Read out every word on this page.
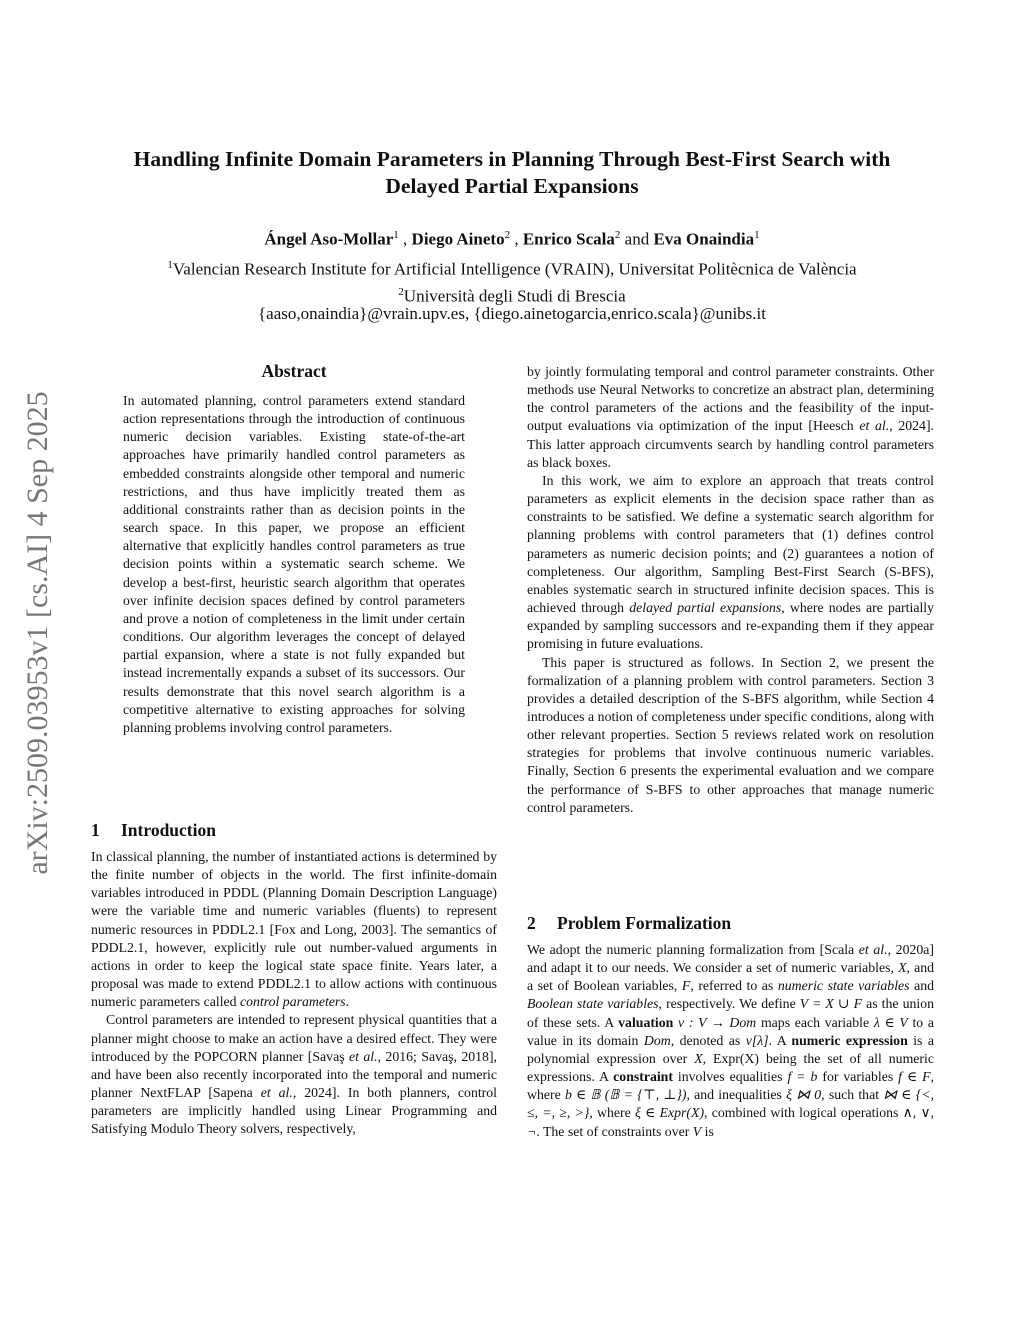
Handling Infinite Domain Parameters in Planning Through Best-First Search with
Delayed Partial Expansions
Ángel Aso-Mollar$^1$ , Diego Aineto$^2$ , Enrico Scala$^2$ and Eva Onaindia$^1$
$^1$Valencian Research Institute for Artificial Intelligence (VRAIN), Universitat Politècnica de València
$^2$Università degli Studi di Brescia
{aaso,onaindia}@vrain.upv.es, {diego.ainetogarcia,enrico.scala}@unibs.it
arXiv:2509.03953v1 [cs.AI] 4 Sep 2025
Abstract
In automated planning, control parameters extend standard action representations through the introduction of continuous numeric decision variables. Existing state-of-the-art approaches have primarily handled control parameters as embedded constraints alongside other temporal and numeric restrictions, and thus have implicitly treated them as additional constraints rather than as decision points in the search space. In this paper, we propose an efficient alternative that explicitly handles control parameters as true decision points within a systematic search scheme. We develop a best-first, heuristic search algorithm that operates over infinite decision spaces defined by control parameters and prove a notion of completeness in the limit under certain conditions. Our algorithm leverages the concept of delayed partial expansion, where a state is not fully expanded but instead incrementally expands a subset of its successors. Our results demonstrate that this novel search algorithm is a competitive alternative to existing approaches for solving planning problems involving control parameters.
1 Introduction

In classical planning, the number of instantiated actions is determined by the finite number of objects in the world. The first infinite-domain variables introduced in PDDL (Planning Domain Description Language) were the variable time and numeric variables (fluents) to represent numeric resources in PDDL2.1 [Fox and Long, 2003]. The semantics of PDDL2.1, however, explicitly rule out number-valued arguments in actions in order to keep the logical state space finite. Years later, a proposal was made to extend PDDL2.1 to allow actions with continuous numeric parameters called control parameters.

Control parameters are intended to represent physical quantities that a planner might choose to make an action have a desired effect. They were introduced by the POPCORN planner [Savaş et al., 2016; Savaş, 2018], and have been also recently incorporated into the temporal and numeric planner NextFLAP [Sapena et al., 2024]. In both planners, control parameters are implicitly handled using Linear Programming and Satisfying Modulo Theory solvers, respectively,

by jointly formulating temporal and control parameter constraints. Other methods use Neural Networks to concretize an abstract plan, determining the control parameters of the actions and the feasibility of the input-output evaluations via optimization of the input [Heesch et al., 2024]. This latter approach circumvents search by handling control parameters as black boxes.

In this work, we aim to explore an approach that treats control parameters as explicit elements in the decision space rather than as constraints to be satisfied. We define a systematic search algorithm for planning problems with control parameters that (1) defines control parameters as numeric decision points; and (2) guarantees a notion of completeness. Our algorithm, Sampling Best-First Search (S-BFS), enables systematic search in structured infinite decision spaces. This is achieved through delayed partial expansions, where nodes are partially expanded by sampling successors and re-expanding them if they appear promising in future evaluations.

This paper is structured as follows. In Section 2, we present the formalization of a planning problem with control parameters. Section 3 provides a detailed description of the S-BFS algorithm, while Section 4 introduces a notion of completeness under specific conditions, along with other relevant properties. Section 5 reviews related work on resolution strategies for problems that involve continuous numeric variables. Finally, Section 6 presents the experimental evaluation and we compare the performance of S-BFS to other approaches that manage numeric control parameters.

2 Problem Formalization

We adopt the numeric planning formalization from [Scala et al., 2020a] and adapt it to our needs. We consider a set of numeric variables, X, and a set of Boolean variables, F, referred to as numeric state variables and Boolean state variables, respectively. We define V = X ∪ F as the union of these sets. A valuation v : V → Dom maps each variable λ ∈ V to a value in its domain Dom, denoted as v[λ]. A numeric expression is a polynomial expression over X, Expr(X) being the set of all numeric expressions. A constraint involves equalities f = b for variables f ∈ F, where b ∈ 𝔹 (𝔹 = {⊤, ⊥}), and inequalities ξ ⋈ 0, such that ⋈ ∈ {<, ≤, =, ≥, >}, where ξ ∈ Expr(X), combined with logical operations ∧, ∨, ¬. The set of constraints over V is
